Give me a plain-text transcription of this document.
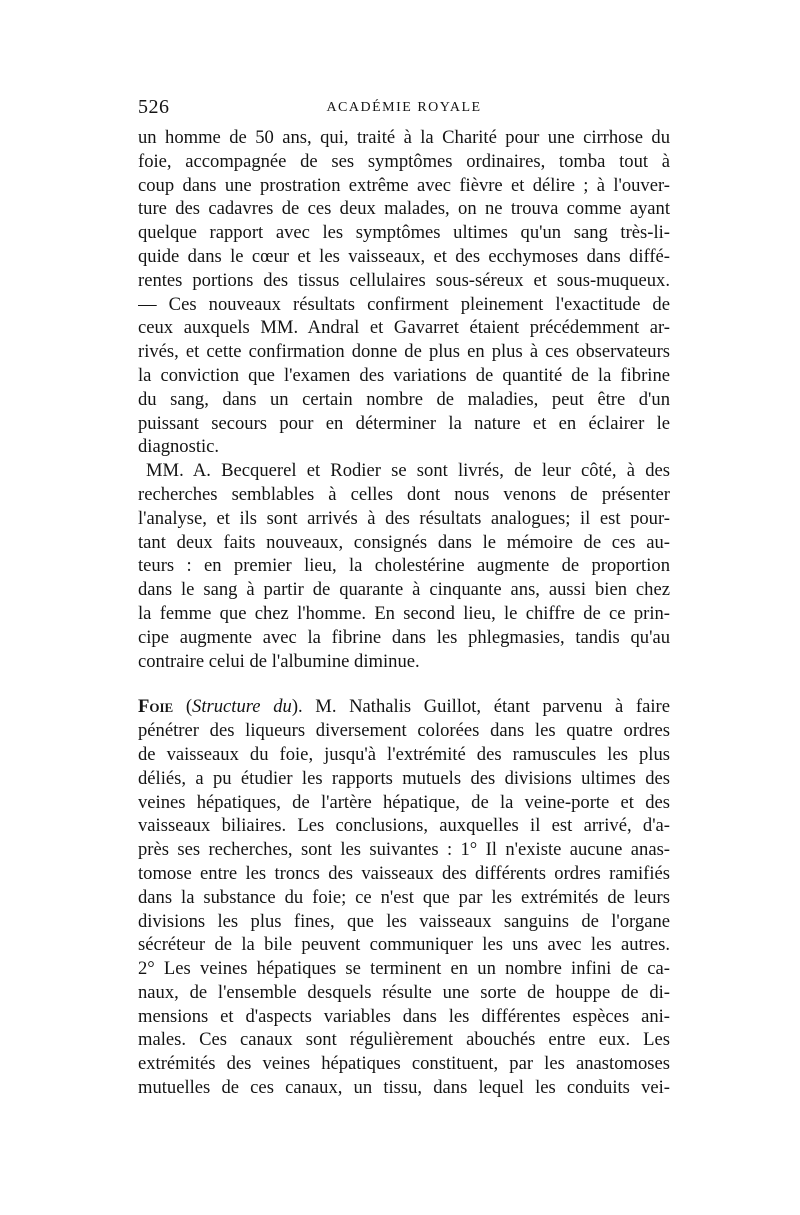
526	ACADÉMIE ROYALE
un homme de 50 ans, qui, traité à la Charité pour une cirrhose du
foie, accompagnée de ses symptômes ordinaires, tomba tout à
coup dans une prostration extrême avec fièvre et délire ; à l'ouver-
ture des cadavres de ces deux malades, on ne trouva comme ayant
quelque rapport avec les symptômes ultimes qu'un sang très-li-
quide dans le cœur et les vaisseaux, et des ecchymoses dans diffé-
rentes portions des tissus cellulaires sous-séreux et sous-muqueux.
— Ces nouveaux résultats confirment pleinement l'exactitude de
ceux auxquels MM. Andral et Gavarret étaient précédemment ar-
rivés, et cette confirmation donne de plus en plus à ces observateurs
la conviction que l'examen des variations de quantité de la fibrine
du sang, dans un certain nombre de maladies, peut être d'un
puissant secours pour en déterminer la nature et en éclairer le
diagnostic.
MM. A. Becquerel et Rodier se sont livrés, de leur côté, à des
recherches semblables à celles dont nous venons de présenter
l'analyse, et ils sont arrivés à des résultats analogues; il est pour-
tant deux faits nouveaux, consignés dans le mémoire de ces au-
teurs : en premier lieu, la cholestérine augmente de proportion
dans le sang à partir de quarante à cinquante ans, aussi bien chez
la femme que chez l'homme. En second lieu, le chiffre de ce prin-
cipe augmente avec la fibrine dans les phlegmasies, tandis qu'au
contraire celui de l'albumine diminue.
Foie (Structure du). M. Nathalis Guillot, étant parvenu à faire
pénétrer des liqueurs diversement colorées dans les quatre ordres
de vaisseaux du foie, jusqu'à l'extrémité des ramuscules les plus
déliés, a pu étudier les rapports mutuels des divisions ultimes des
veines hépatiques, de l'artère hépatique, de la veine-porte et des
vaisseaux biliaires. Les conclusions, auxquelles il est arrivé, d'a-
près ses recherches, sont les suivantes : 1° Il n'existe aucune anas-
tomose entre les troncs des vaisseaux des différents ordres ramifiés
dans la substance du foie; ce n'est que par les extrémités de leurs
divisions les plus fines, que les vaisseaux sanguins de l'organe
sécréteur de la bile peuvent communiquer les uns avec les autres.
2° Les veines hépatiques se terminent en un nombre infini de ca-
naux, de l'ensemble desquels résulte une sorte de houppe de di-
mensions et d'aspects variables dans les différentes espèces ani-
males. Ces canaux sont régulièrement abouchés entre eux. Les
extrémités des veines hépatiques constituent, par les anastomoses
mutuelles de ces canaux, un tissu, dans lequel les conduits vei-
